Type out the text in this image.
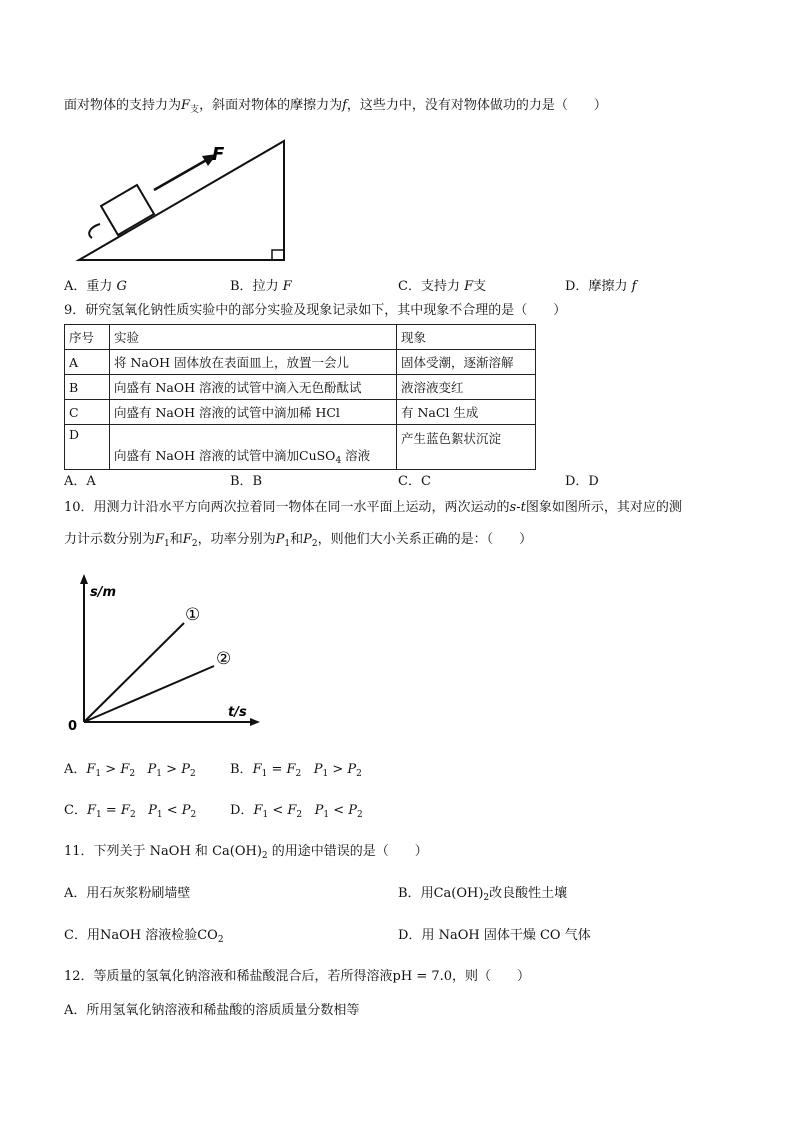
面对物体的支持力为$F_支$，斜面对物体的摩擦力为f，这些力中，没有对物体做功的力是（　　）
F
A．重力 G	B．拉力 F	C．支持力 F支	D．摩擦力 f
9．研究氢氧化钠性质实验中的部分实验及现象记录如下，其中现象不合理的是（　　）
序号	实验	现象
A	将 NaOH 固体放在表面皿上，放置一会儿	固体受潮，逐渐溶解
B	向盛有 NaOH 溶液的试管中滴入无色酚酞试	液溶液变红
C	向盛有 NaOH 溶液的试管中滴加稀 HCl	有 NaCl 生成
D	向盛有 NaOH 溶液的试管中滴加CuSO$_4$ 溶液	产生蓝色絮状沉淀
A．A	B．B	C．C	D．D
10．用测力计沿水平方向两次拉着同一物体在同一水平面上运动，两次运动的s-t图象如图所示，其对应的测
力计示数分别为$F_1$和$F_2$，功率分别为$P_1$和$P_2$，则他们大小关系正确的是：（　　）
s/m
t/s
0
①
②
A．$F_1 > F_2$ $P_1 > P_2$	B．$F_1 = F_2$ $P_1 > P_2$
C．$F_1 = F_2$ $P_1 < P_2$	D．$F_1 < F_2$ $P_1 < P_2$
11．下列关于 NaOH 和 $Ca(OH)_2$ 的用途中错误的是（　　）
A．用石灰浆粉刷墙壁	B．用$Ca(OH)_2$改良酸性土壤
C．用NaOH 溶液检验$CO_2$	D．用 NaOH 固体干燥 CO 气体
12．等质量的氢氧化钠溶液和稀盐酸混合后，若所得溶液pH = 7.0，则（　　）
A．所用氢氧化钠溶液和稀盐酸的溶质质量分数相等
